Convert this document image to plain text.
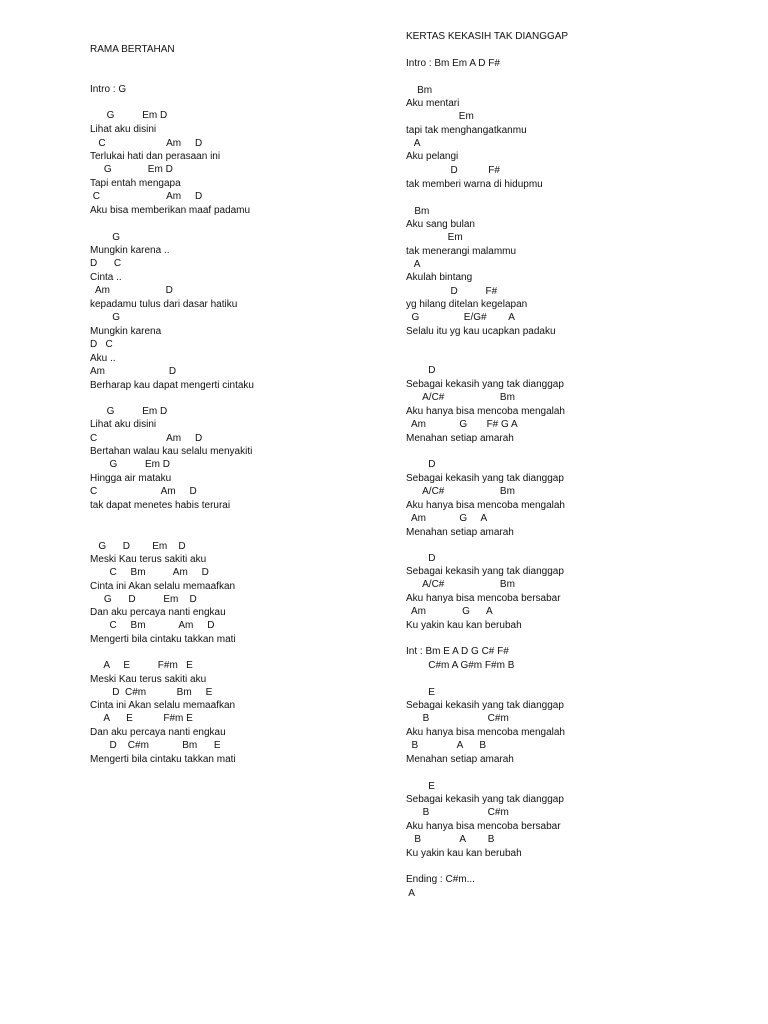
RAMA BERTAHAN
Intro : G
G          Em D
Lihat aku disini
C                      Am     D
Terlukai hati dan perasaan ini
G             Em D
Tapi entah mengapa
C                        Am     D
Aku bisa memberikan maaf padamu
G
Mungkin karena ..
D      C
Cinta ..
Am                    D
kepadamu tulus dari dasar hatiku
G
Mungkin karena
D   C
Aku ..
Am                       D
Berharap kau dapat mengerti cintaku
G          Em D
Lihat aku disini
C                         Am     D
Bertahan walau kau selalu menyakiti
G          Em D
Hingga air mataku
C                       Am     D
tak dapat menetes habis terurai
G      D        Em    D
Meski Kau terus sakiti aku
C     Bm          Am     D
Cinta ini Akan selalu memaafkan
G      D          Em    D
Dan aku percaya nanti engkau
C     Bm            Am     D
Mengerti bila cintaku takkan mati
A     E          F#m   E
Meski Kau terus sakiti aku
D  C#m           Bm     E
Cinta ini Akan selalu memaafkan
A      E           F#m E
Dan aku percaya nanti engkau
D    C#m            Bm      E
Mengerti bila cintaku takkan mati
KERTAS KEKASIH TAK DIANGGAP
Intro : Bm Em A D F#
Bm
Aku mentari
Em
tapi tak menghangatkanmu
A
Aku pelangi
D           F#
tak memberi warna di hidupmu
Bm
Aku sang bulan
Em
tak menerangi malammu
A
Akulah bintang
D          F#
yg hilang ditelan kegelapan
G                E/G#        A
Selalu itu yg kau ucapkan padaku
D
Sebagai kekasih yang tak dianggap
A/C#                    Bm
Aku hanya bisa mencoba mengalah
Am            G       F# G A
Menahan setiap amarah
D
Sebagai kekasih yang tak dianggap
A/C#                    Bm
Aku hanya bisa mencoba mengalah
Am            G     A
Menahan setiap amarah
D
Sebagai kekasih yang tak dianggap
A/C#                    Bm
Aku hanya bisa mencoba bersabar
Am             G      A
Ku yakin kau kan berubah
Int : Bm E A D G C# F#
C#m A G#m F#m B
E
Sebagai kekasih yang tak dianggap
B                     C#m
Aku hanya bisa mencoba mengalah
B              A      B
Menahan setiap amarah
E
Sebagai kekasih yang tak dianggap
B                     C#m
Aku hanya bisa mencoba bersabar
B              A        B
Ku yakin kau kan berubah
Ending : C#m...
A
